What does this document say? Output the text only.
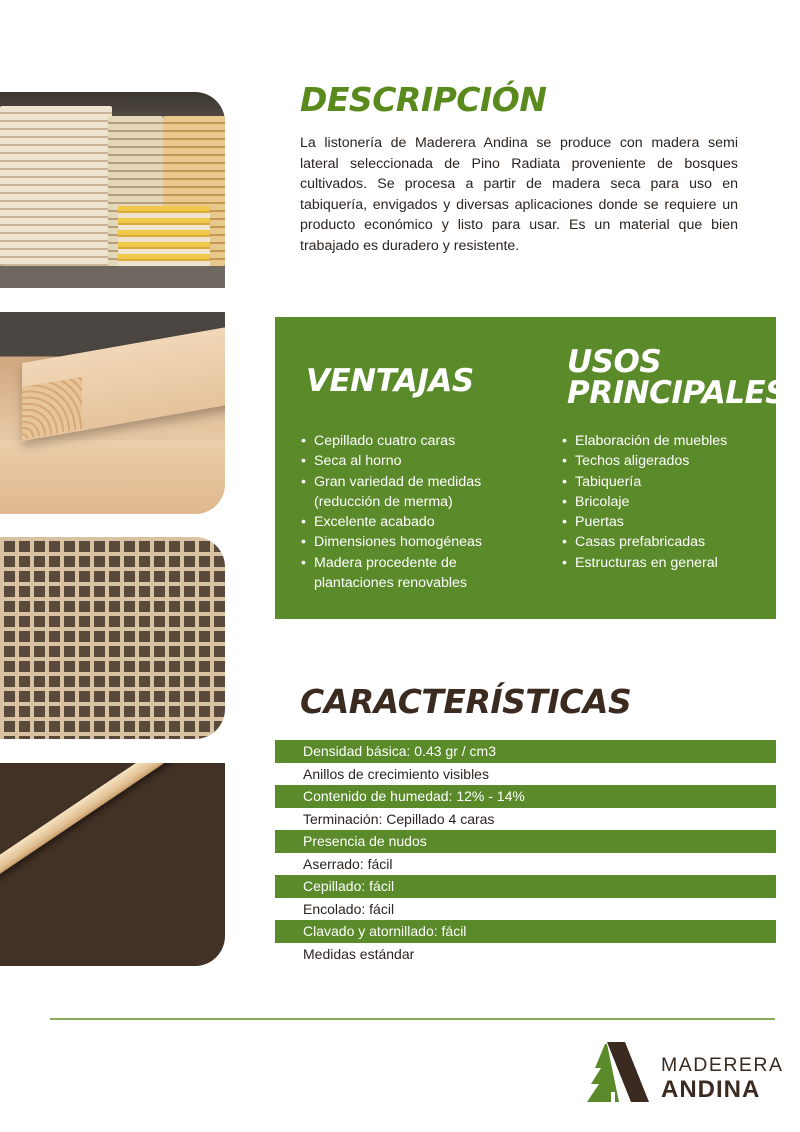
DESCRIPCIÓN

La listonería de Maderera Andina se produce con madera semi lateral seleccionada de Pino Radiata proveniente de bosques cultivados. Se procesa a partir de madera seca para uso en tabiquería, envigados y diversas aplicaciones donde se requiere un producto económico y listo para usar. Es un material que bien trabajado es duradero y resistente.

VENTAJAS
USOS
PRINCIPALES
• Cepillado cuatro caras
• Seca al horno
• Gran variedad de medidas (reducción de merma)
• Excelente acabado
• Dimensiones homogéneas
• Madera procedente de plantaciones renovables
• Elaboración de muebles
• Techos aligerados
• Tabiquería
• Bricolaje
• Puertas
• Casas prefabricadas
• Estructuras en general
CARACTERÍSTICAS
Densidad básica: 0.43 gr / cm3
Anillos de crecimiento visibles
Contenido de humedad: 12% - 14%
Terminación: Cepillado 4 caras
Presencia de nudos
Aserrado: fácil
Cepillado: fácil
Encolado: fácil
Clavado y atornillado: fácil
Medidas estándar
MADERERA
ANDINA
